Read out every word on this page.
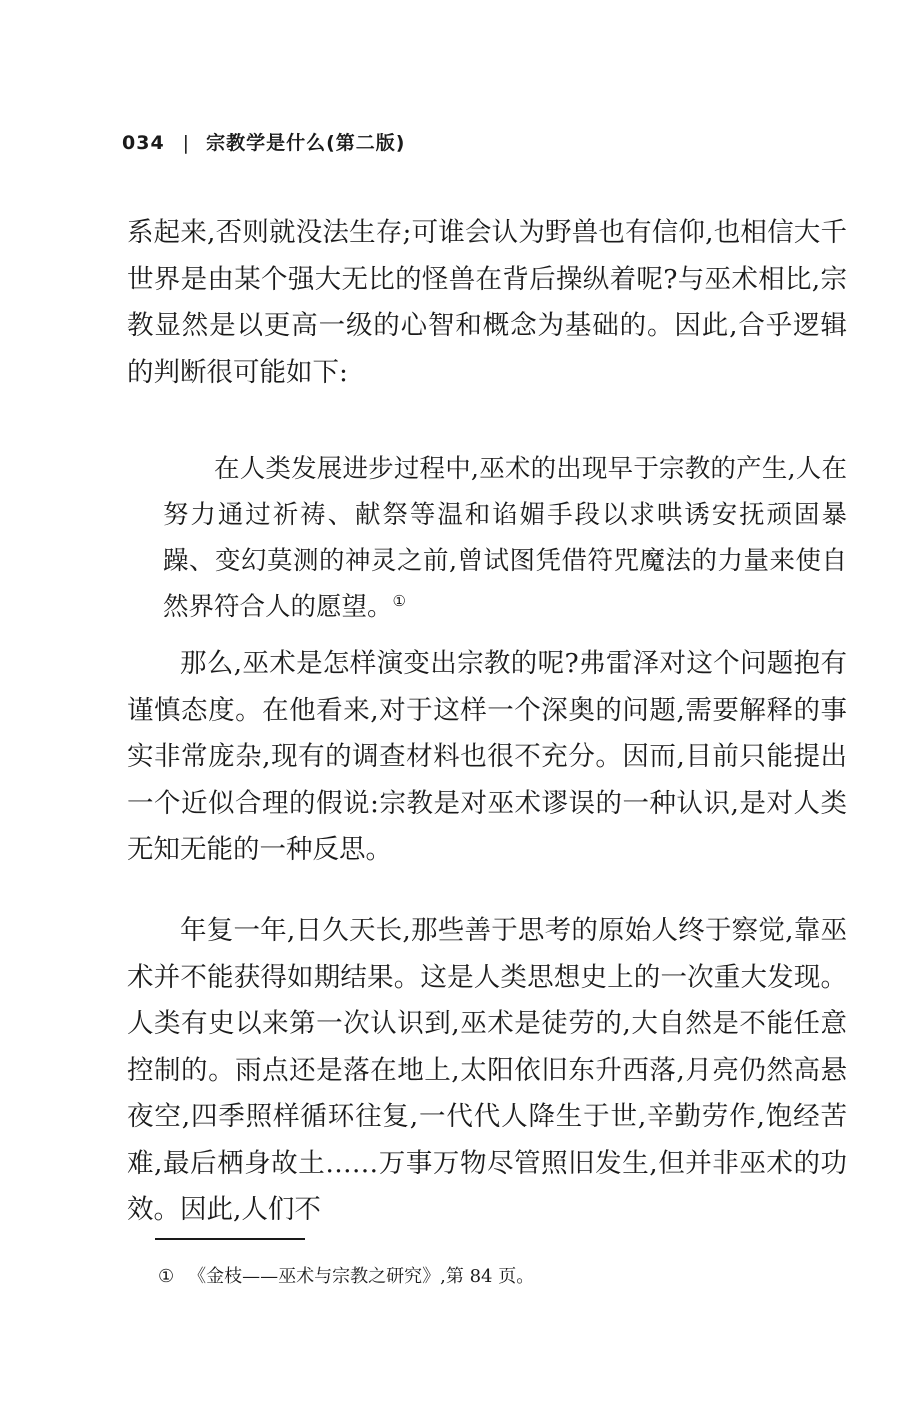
034 | 宗教学是什么(第二版)

系起来,否则就没法生存;可谁会认为野兽也有信仰,也相信大千世界是由某个强大无比的怪兽在背后操纵着呢?与巫术相比,宗教显然是以更高一级的心智和概念为基础的。因此,合乎逻辑的判断很可能如下:

在人类发展进步过程中,巫术的出现早于宗教的产生,人在努力通过祈祷、献祭等温和谄媚手段以求哄诱安抚顽固暴躁、变幻莫测的神灵之前,曾试图凭借符咒魔法的力量来使自然界符合人的愿望。①

那么,巫术是怎样演变出宗教的呢?弗雷泽对这个问题抱有谨慎态度。在他看来,对于这样一个深奥的问题,需要解释的事实非常庞杂,现有的调查材料也很不充分。因而,目前只能提出一个近似合理的假说:宗教是对巫术谬误的一种认识,是对人类无知无能的一种反思。

年复一年,日久天长,那些善于思考的原始人终于察觉,靠巫术并不能获得如期结果。这是人类思想史上的一次重大发现。人类有史以来第一次认识到,巫术是徒劳的,大自然是不能任意控制的。雨点还是落在地上,太阳依旧东升西落,月亮仍然高悬夜空,四季照样循环往复,一代代人降生于世,辛勤劳作,饱经苦难,最后栖身故土……万事万物尽管照旧发生,但并非巫术的功效。因此,人们不

① 《金枝——巫术与宗教之研究》,第 84 页。
